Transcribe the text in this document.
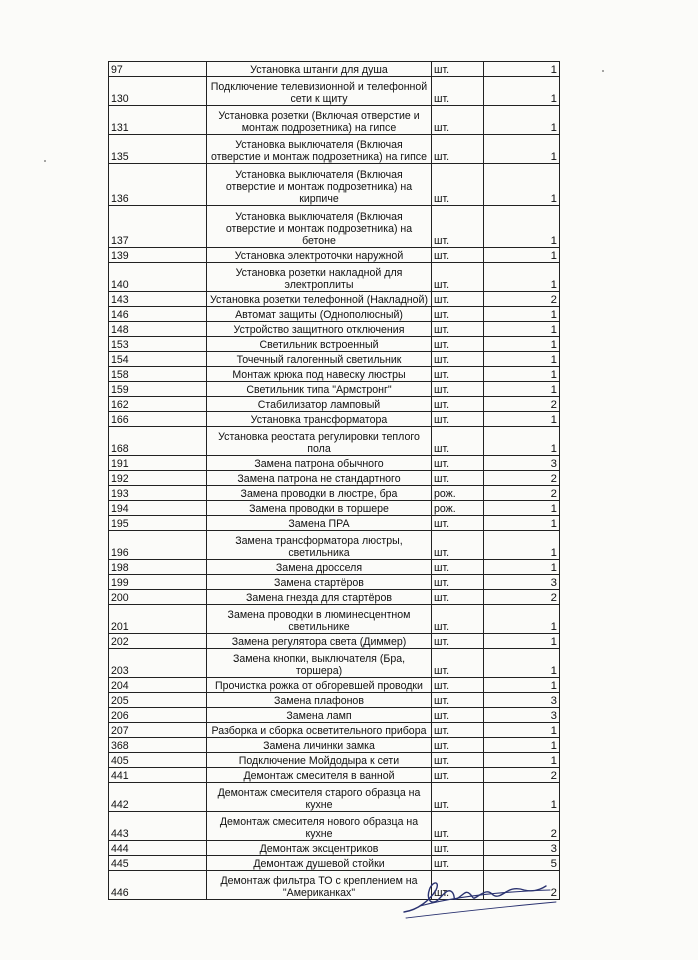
97	Установка штанги для душа	шт.	1
130	Подключение телевизионной и телефонной сети к щиту	шт.	1
131	Установка розетки (Включая отверстие и монтаж подрозетника) на гипсе	шт.	1
135	Установка выключателя (Включая отверстие и монтаж подрозетника) на гипсе	шт.	1
136	Установка выключателя (Включая отверстие и монтаж подрозетника) на кирпиче	шт.	1
137	Установка выключателя (Включая отверстие и монтаж подрозетника) на бетоне	шт.	1
139	Установка электроточки наружной	шт.	1
140	Установка розетки накладной для электроплиты	шт.	1
143	Установка розетки телефонной (Накладной)	шт.	2
146	Автомат защиты (Однополюсный)	шт.	1
148	Устройство защитного отключения	шт.	1
153	Светильник встроенный	шт.	1
154	Точечный галогенный светильник	шт.	1
158	Монтаж крюка под навеску люстры	шт.	1
159	Светильник типа "Армстронг"	шт.	1
162	Стабилизатор ламповый	шт.	2
166	Установка трансформатора	шт.	1
168	Установка реостата регулировки теплого пола	шт.	1
191	Замена патрона обычного	шт.	3
192	Замена патрона не стандартного	шт.	2
193	Замена проводки в люстре, бра	рож.	2
194	Замена проводки в торшере	рож.	1
195	Замена ПРА	шт.	1
196	Замена трансформатора люстры, светильника	шт.	1
198	Замена дросселя	шт.	1
199	Замена стартёров	шт.	3
200	Замена гнезда для стартёров	шт.	2
201	Замена проводки в люминесцентном светильнике	шт.	1
202	Замена регулятора света (Диммер)	шт.	1
203	Замена кнопки, выключателя (Бра, торшера)	шт.	1
204	Прочистка рожка от обгоревшей проводки	шт.	1
205	Замена плафонов	шт.	3
206	Замена ламп	шт.	3
207	Разборка и сборка осветительного прибора	шт.	1
368	Замена личинки замка	шт.	1
405	Подключение Мойдодыра к сети	шт.	1
441	Демонтаж смесителя в ванной	шт.	2
442	Демонтаж смесителя старого образца на кухне	шт.	1
443	Демонтаж смесителя нового образца на кухне	шт.	2
444	Демонтаж эксцентриков	шт.	3
445	Демонтаж душевой стойки	шт.	5
446	Демонтаж фильтра ТО с креплением на "Американках"	шт.	2
